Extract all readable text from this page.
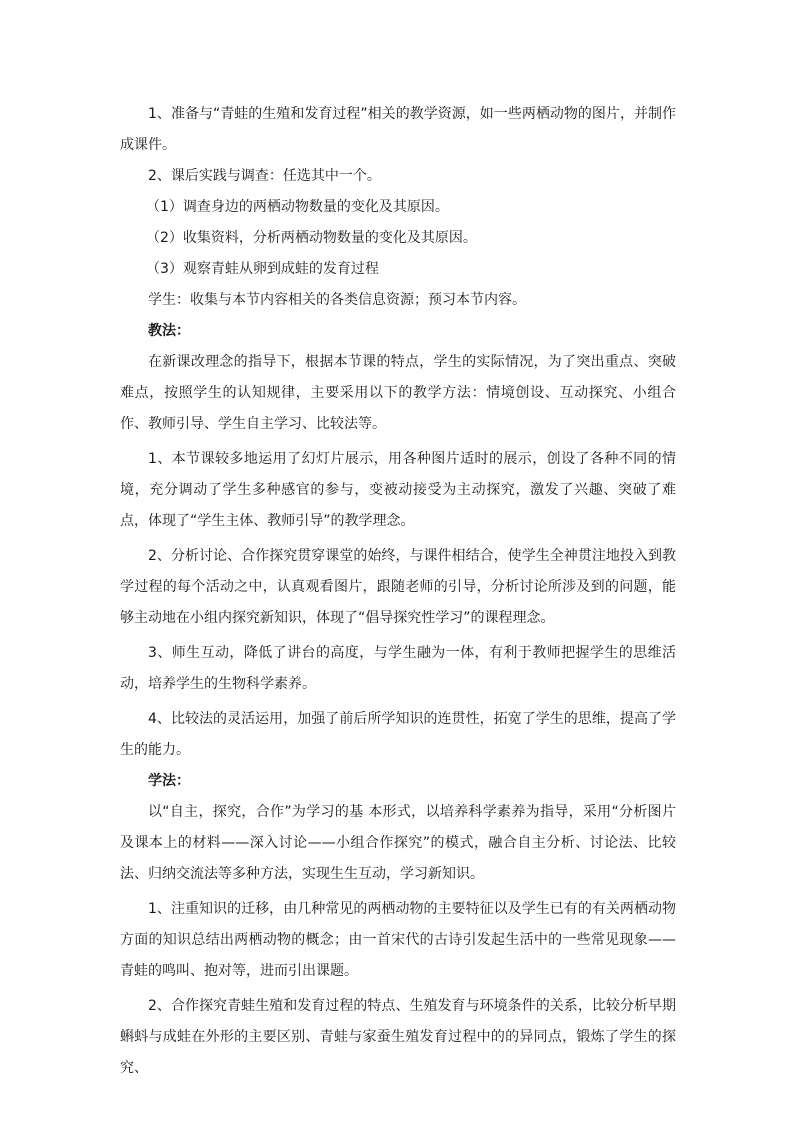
1、准备与“青蛙的生殖和发育过程”相关的教学资源，如一些两栖动物的图片，并制作成课件。

2、课后实践与调查：任选其中一个。

（1）调查身边的两栖动物数量的变化及其原因。

（2）收集资料，分析两栖动物数量的变化及其原因。

（3）观察青蛙从卵到成蛙的发育过程

学生：收集与本节内容相关的各类信息资源；预习本节内容。

教法：

在新课改理念的指导下，根据本节课的特点，学生的实际情况，为了突出重点、突破难点，按照学生的认知规律，主要采用以下的教学方法：情境创设、互动探究、小组合作、教师引导、学生自主学习、比较法等。

1、本节课较多地运用了幻灯片展示，用各种图片适时的展示，创设了各种不同的情境，充分调动了学生多种感官的参与，变被动接受为主动探究，激发了兴趣、突破了难点，体现了“学生主体、教师引导”的教学理念。

2、分析讨论、合作探究贯穿课堂的始终，与课件相结合，使学生全神贯注地投入到教学过程的每个活动之中，认真观看图片，跟随老师的引导，分析讨论所涉及到的问题，能够主动地在小组内探究新知识，体现了“倡导探究性学习”的课程理念。

3、师生互动，降低了讲台的高度，与学生融为一体，有利于教师把握学生的思维活动，培养学生的生物科学素养。

4、比较法的灵活运用，加强了前后所学知识的连贯性，拓宽了学生的思维，提高了学生的能力。

学法：

以“自主，探究，合作”为学习的基 本形式，以培养科学素养为指导，采用“分析图片及课本上的材料——深入讨论——小组合作探究”的模式，融合自主分析、讨论法、比较法、归纳交流法等多种方法，实现生生互动，学习新知识。

1、注重知识的迁移，由几种常见的两栖动物的主要特征以及学生已有的有关两栖动物方面的知识总结出两栖动物的概念；由一首宋代的古诗引发起生活中的一些常见现象——青蛙的鸣叫、抱对等，进而引出课题。

2、合作探究青蛙生殖和发育过程的特点、生殖发育与环境条件的关系，比较分析早期蝌蚪与成蛙在外形的主要区别、青蛙与家蚕生殖发育过程中的的异同点，锻炼了学生的探究、
